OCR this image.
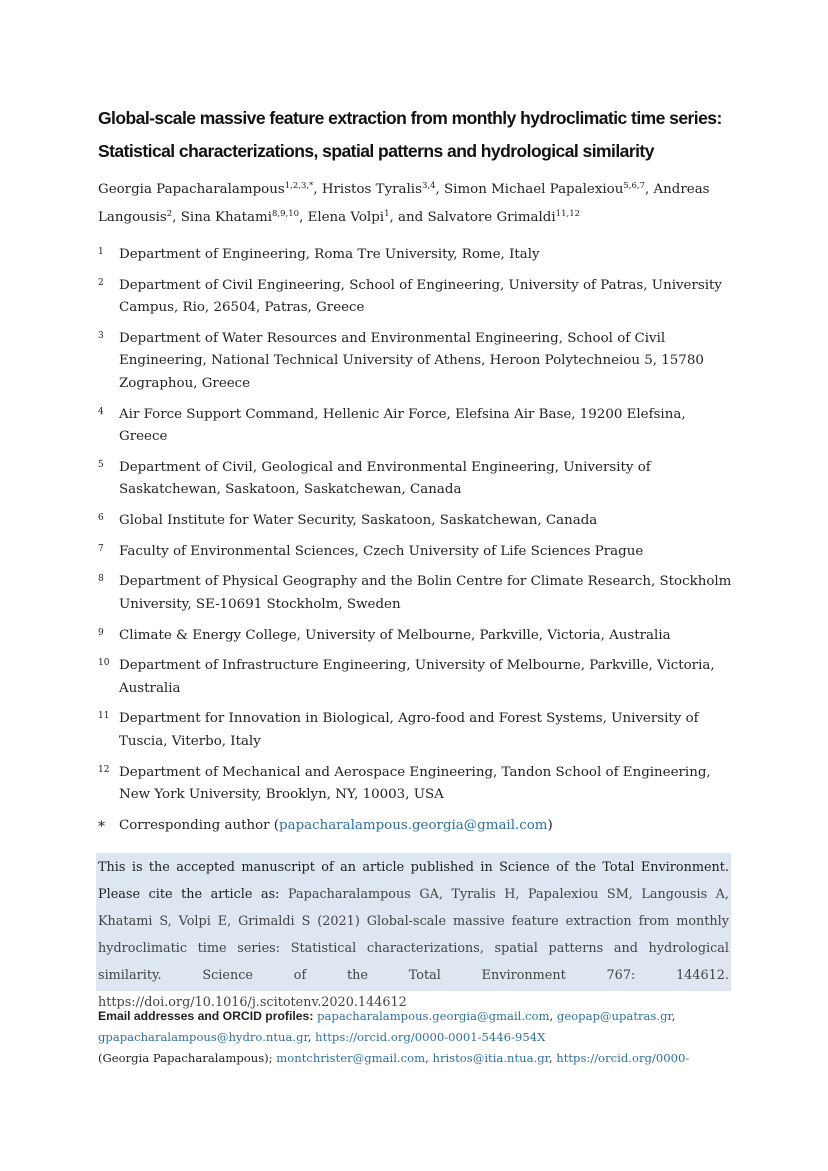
Global-scale massive feature extraction from monthly hydroclimatic time series:
Statistical characterizations, spatial patterns and hydrological similarity
Georgia Papacharalampous$^{1,2,3,*}$, Hristos Tyralis$^{3,4}$, Simon Michael Papalexiou$^{5,6,7}$, Andreas Langousis$^2$, Sina Khatami$^{8,9,10}$, Elena Volpi$^1$, and Salvatore Grimaldi$^{11,12}$
1	Department of Engineering, Roma Tre University, Rome, Italy
2	Department of Civil Engineering, School of Engineering, University of Patras, University Campus, Rio, 26504, Patras, Greece
3	Department of Water Resources and Environmental Engineering, School of Civil Engineering, National Technical University of Athens, Heroon Polytechneiou 5, 15780 Zographou, Greece
4	Air Force Support Command, Hellenic Air Force, Elefsina Air Base, 19200 Elefsina, Greece
5	Department of Civil, Geological and Environmental Engineering, University of Saskatchewan, Saskatoon, Saskatchewan, Canada
6	Global Institute for Water Security, Saskatoon, Saskatchewan, Canada
7	Faculty of Environmental Sciences, Czech University of Life Sciences Prague
8	Department of Physical Geography and the Bolin Centre for Climate Research, Stockholm University, SE-10691 Stockholm, Sweden
9	Climate & Energy College, University of Melbourne, Parkville, Victoria, Australia
10 Department of Infrastructure Engineering, University of Melbourne, Parkville, Victoria, Australia
11 Department for Innovation in Biological, Agro-food and Forest Systems, University of Tuscia, Viterbo, Italy
12 Department of Mechanical and Aerospace Engineering, Tandon School of Engineering, New York University, Brooklyn, NY, 10003, USA
*	Corresponding author (papacharalampous.georgia@gmail.com)
This is the accepted manuscript of an article published in Science of the Total Environment. Please cite the article as: Papacharalampous GA, Tyralis H, Papalexiou SM, Langousis A, Khatami S, Volpi E, Grimaldi S (2021) Global-scale massive feature extraction from monthly hydroclimatic time series: Statistical characterizations, spatial patterns and hydrological similarity. Science of the Total Environment 767: 144612. https://doi.org/10.1016/j.scitotenv.2020.144612
Email addresses and ORCID profiles: papacharalampous.georgia@gmail.com, geopap@upatras.gr,
gpapacharalampous@hydro.ntua.gr, https://orcid.org/0000-0001-5446-954X
(Georgia Papacharalampous); montchrister@gmail.com, hristos@itia.ntua.gr, https://orcid.org/0000-
